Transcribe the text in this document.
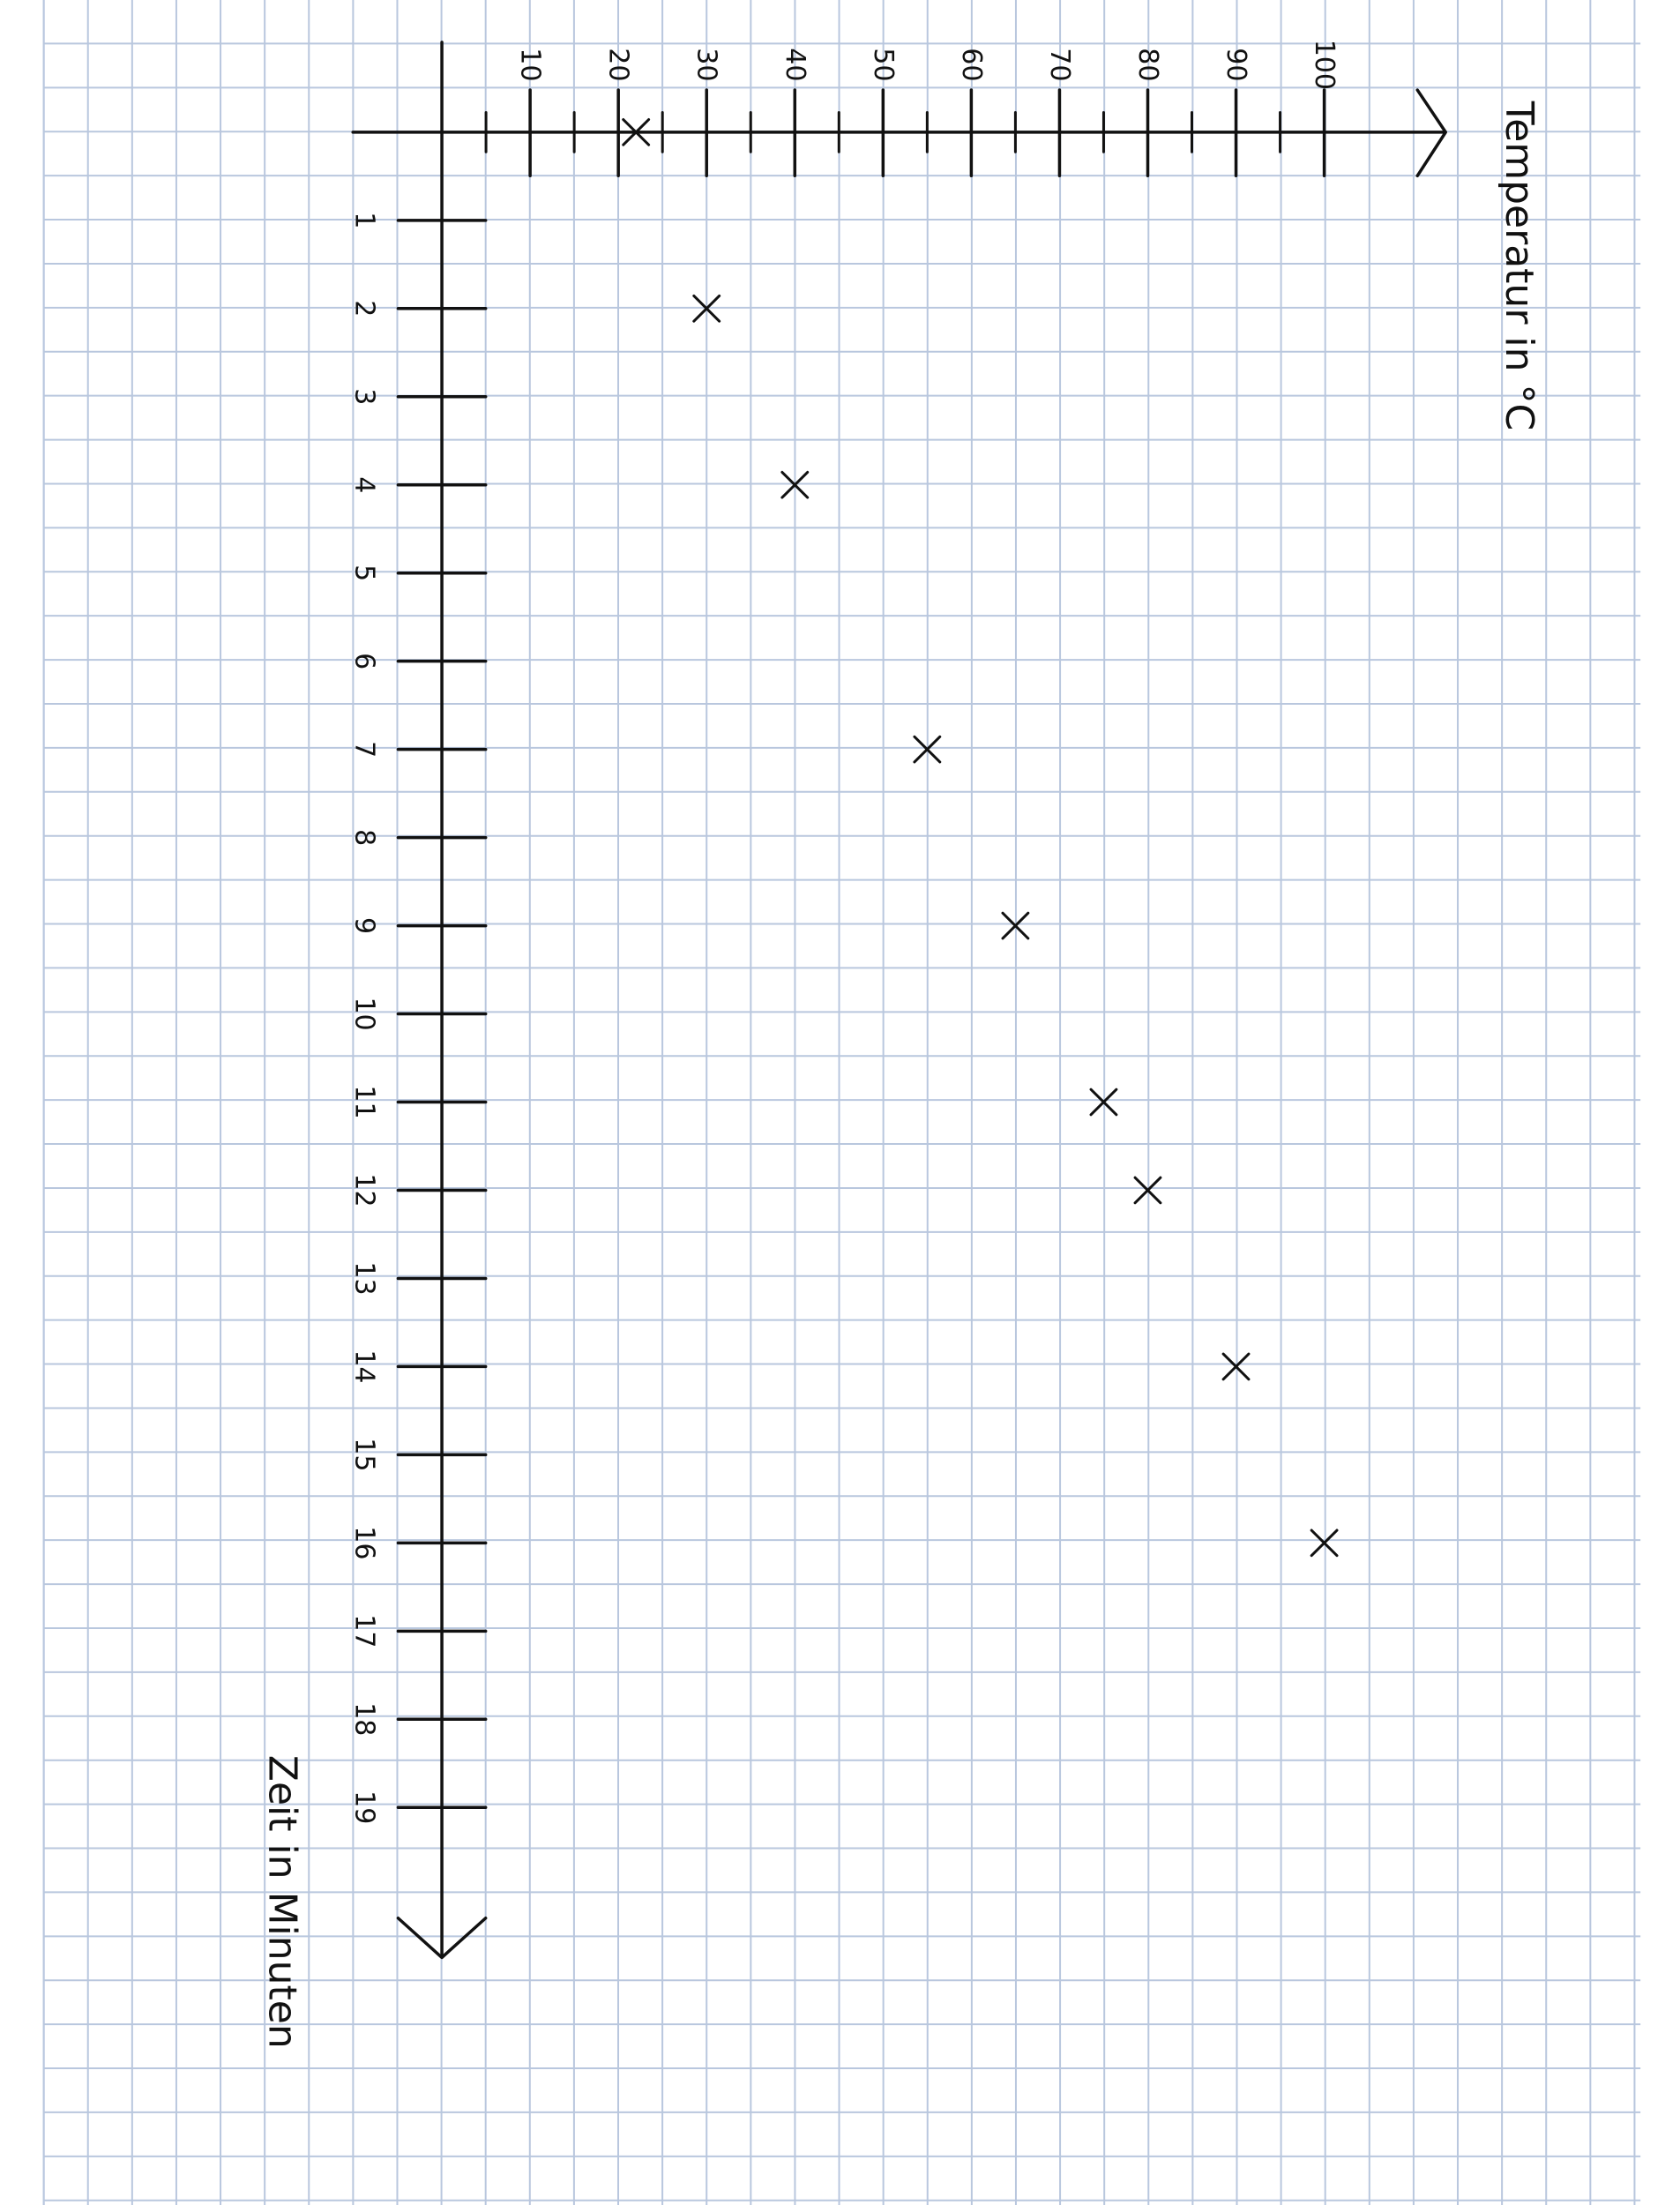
1
2
3
4
5
6
7
8
9
10
11
12
13
14
15
16
17
18
19
10 20 30 40 50 60 70 80 90 100
Temperatur in °C
Zeit in Minuten
